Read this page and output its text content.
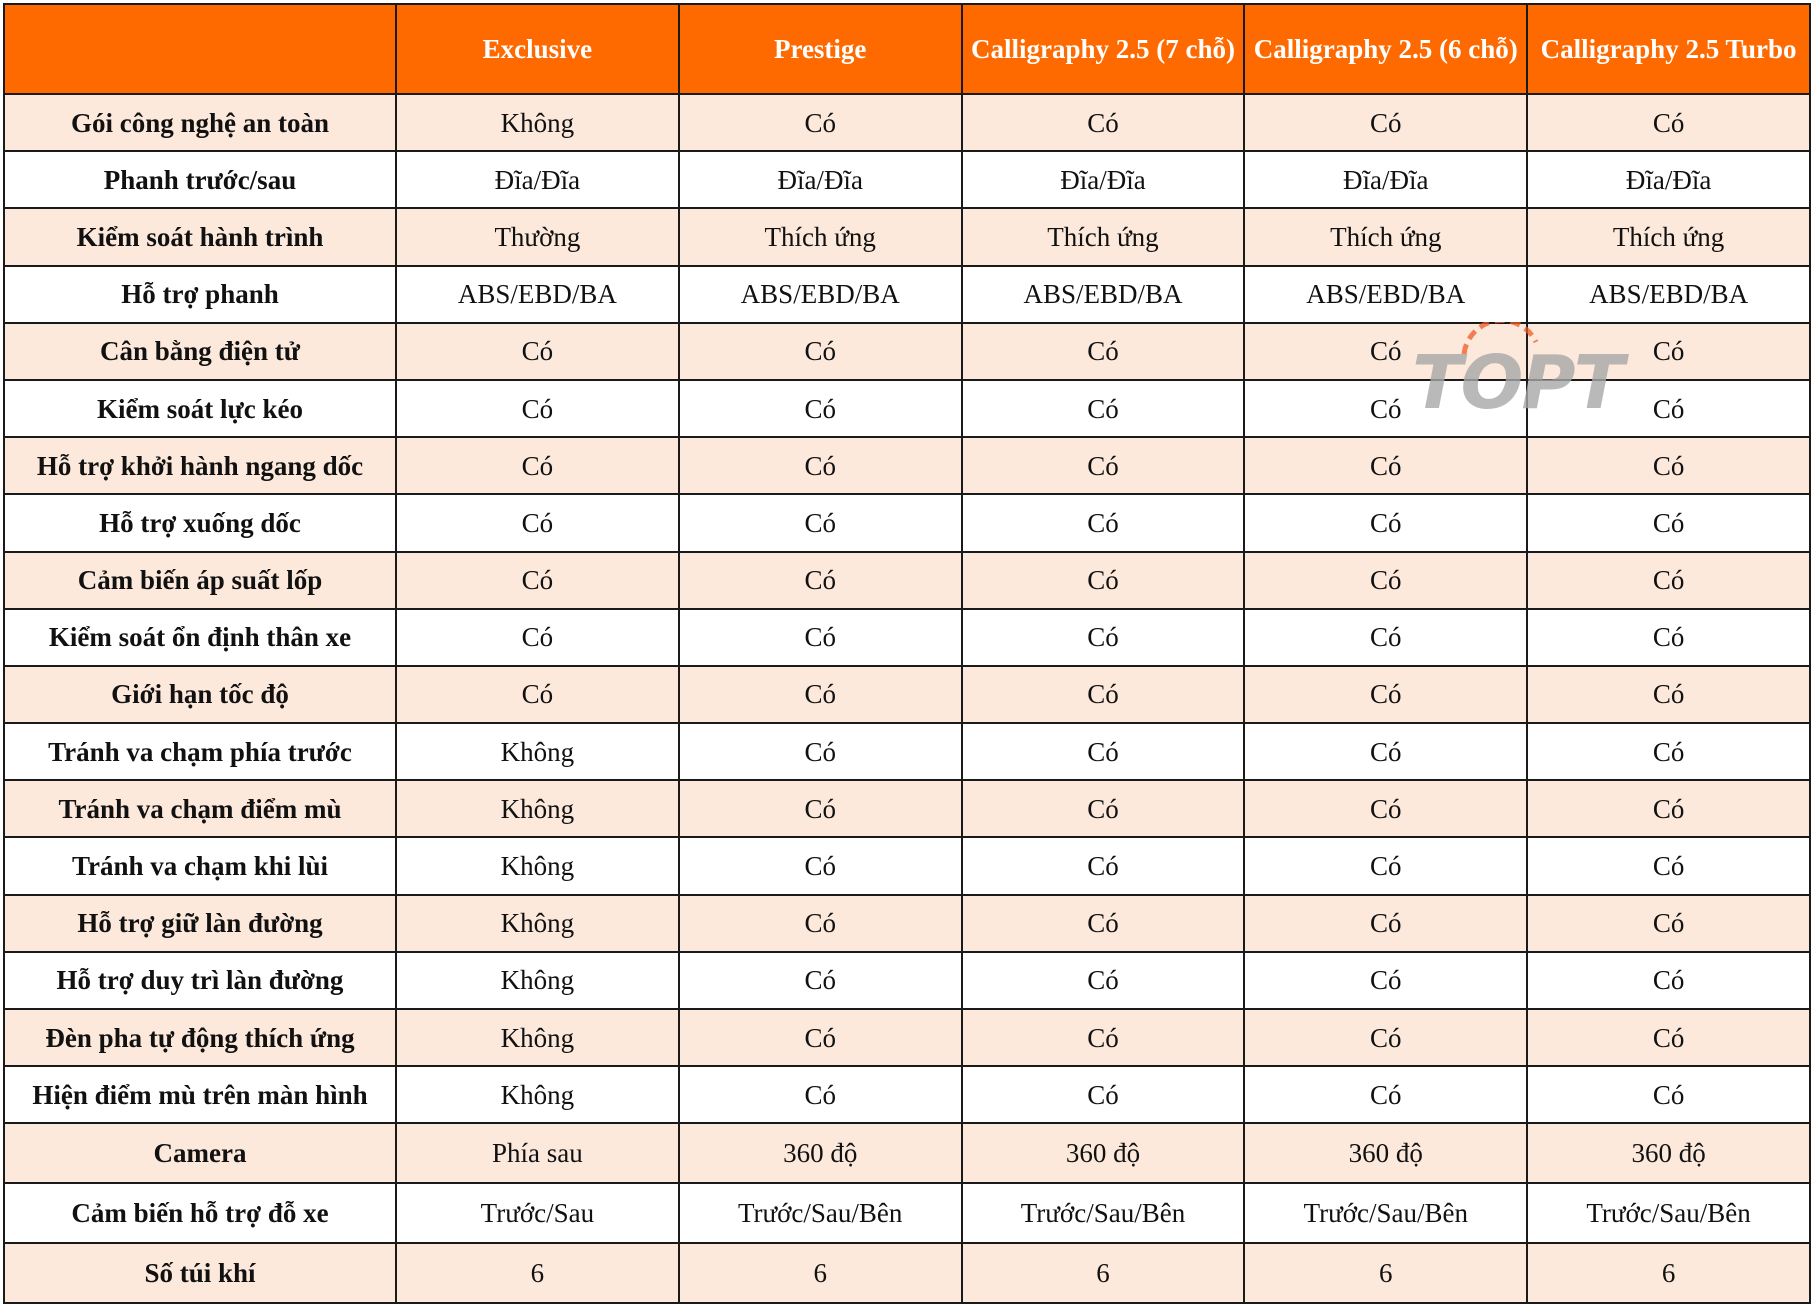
	Exclusive	Prestige	Calligraphy 2.5 (7 chỗ)	Calligraphy 2.5 (6 chỗ)	Calligraphy 2.5 Turbo
Gói công nghệ an toàn	Không	Có	Có	Có	Có
Phanh trước/sau	Đĩa/Đĩa	Đĩa/Đĩa	Đĩa/Đĩa	Đĩa/Đĩa	Đĩa/Đĩa
Kiểm soát hành trình	Thường	Thích ứng	Thích ứng	Thích ứng	Thích ứng
Hỗ trợ phanh	ABS/EBD/BA	ABS/EBD/BA	ABS/EBD/BA	ABS/EBD/BA	ABS/EBD/BA
Cân bằng điện tử	Có	Có	Có	Có	Có
Kiểm soát lực kéo	Có	Có	Có	Có	Có
Hỗ trợ khởi hành ngang dốc	Có	Có	Có	Có	Có
Hỗ trợ xuống dốc	Có	Có	Có	Có	Có
Cảm biến áp suất lốp	Có	Có	Có	Có	Có
Kiểm soát ổn định thân xe	Có	Có	Có	Có	Có
Giới hạn tốc độ	Có	Có	Có	Có	Có
Tránh va chạm phía trước	Không	Có	Có	Có	Có
Tránh va chạm điểm mù	Không	Có	Có	Có	Có
Tránh va chạm khi lùi	Không	Có	Có	Có	Có
Hỗ trợ giữ làn đường	Không	Có	Có	Có	Có
Hỗ trợ duy trì làn đường	Không	Có	Có	Có	Có
Đèn pha tự động thích ứng	Không	Có	Có	Có	Có
Hiện điểm mù trên màn hình	Không	Có	Có	Có	Có
Camera	Phía sau	360 độ	360 độ	360 độ	360 độ
Cảm biến hỗ trợ đỗ xe	Trước/Sau	Trước/Sau/Bên	Trước/Sau/Bên	Trước/Sau/Bên	Trước/Sau/Bên
Số túi khí	6	6	6	6	6
TOPT
